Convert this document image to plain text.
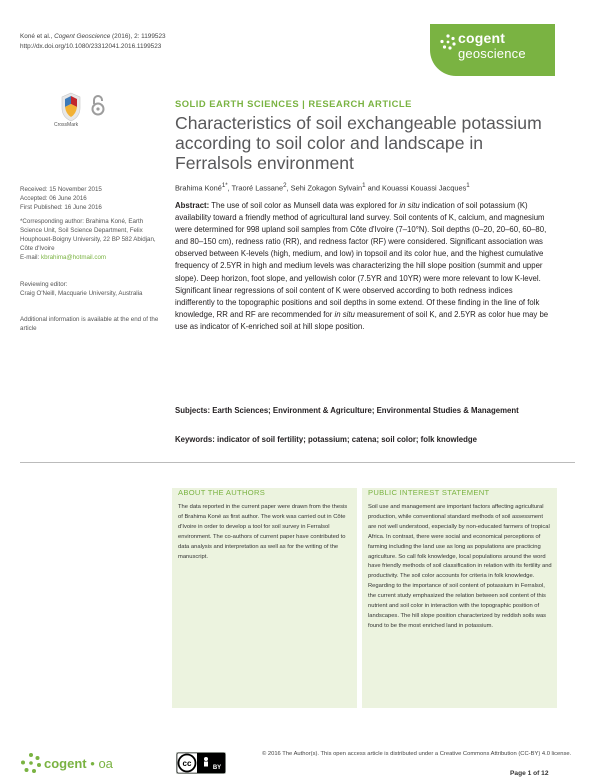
Koné et al., Cogent Geoscience (2016), 2: 1199523
http://dx.doi.org/10.1080/23312041.2016.1199523
cogent
geoscience
CrossMark
SOLID EARTH SCIENCES | RESEARCH ARTICLE
Characteristics of soil exchangeable potassium according to soil color and landscape in Ferralsols environment
Brahima Koné$^{1*}$, Traoré Lassane$^2$, Sehi Zokagon Sylvain$^1$ and Kouassi Kouassi Jacques$^1$
Received: 15 November 2015
Accepted: 06 June 2016
First Published: 16 June 2016
*Corresponding author: Brahima Koné, Earth Science Unit, Soil Science Department, Felix Houphouet-Boigny University, 22 BP 582 Abidjan, Côte d'Ivoire
E-mail: kbrahima@hotmail.com
Reviewing editor:
Craig O'Neill, Macquarie University, Australia
Additional information is available at the end of the article
Abstract: The use of soil color as Munsell data was explored for in situ indication of soil potassium (K) availability toward a friendly method of agricultural land survey. Soil contents of K, calcium, and magnesium were determined for 998 upland soil samples from Côte d'Ivoire (7–10°N). Soil depths (0–20, 20–60, 60–80, and 80–150 cm), redness ratio (RR), and redness factor (RF) were considered. Significant association was observed between K-levels (high, medium, and low) in topsoil and its color hue, and the highest cumulative frequency of 2.5YR in high and medium levels was characterizing the hill slope position (summit and upper slope). Deep horizon, foot slope, and yellowish color (7.5YR and 10YR) were more relevant to low K-level. Significant linear regressions of soil content of K were observed according to both redness indices indifferently to the topographic positions and soil depths in some extend. Of these finding in the line of folk knowledge, RR and RF are recommended for in situ measurement of soil K, and 2.5YR as color hue may be use as indicator of K-enriched soil at hill slope position.
Subjects: Earth Sciences; Environment & Agriculture; Environmental Studies & Management
Keywords: indicator of soil fertility; potassium; catena; soil color; folk knowledge
ABOUT THE AUTHORS
The data reported in the current paper were drawn from the thesis of Brahima Koné as first author. The work was carried out in Côte d'Ivoire in order to develop a tool for soil survey in Ferralsol environment. The co-authors of current paper have contributed to data analysis and interpretation as well as for the writing of the manuscript.
PUBLIC INTEREST STATEMENT
Soil use and management are important factors affecting agricultural production, while conventional standard methods of soil assessment are not well understood, especially by non-educated farmers of tropical Africa. In contrast, there were social and economical perceptions of farming including the land use as long as populations are practicing agriculture. So call folk knowledge, local populations around the word have friendly methods of soil classification in relation with its fertility and productivity. The soil color accounts for criteria in folk knowledge. Regarding to the importance of soil content of potassium in Ferralsol, the current study emphasized the relation between soil content of this nutrient and soil color in interaction with the topographic position of landscapes. The hill slope position characterized by reddish soils was found to be the most enriched land in potassium.
cogent • oa	cc	BY
© 2016 The Author(s). This open access article is distributed under a Creative Commons Attribution (CC-BY) 4.0 license.
Page 1 of 12
